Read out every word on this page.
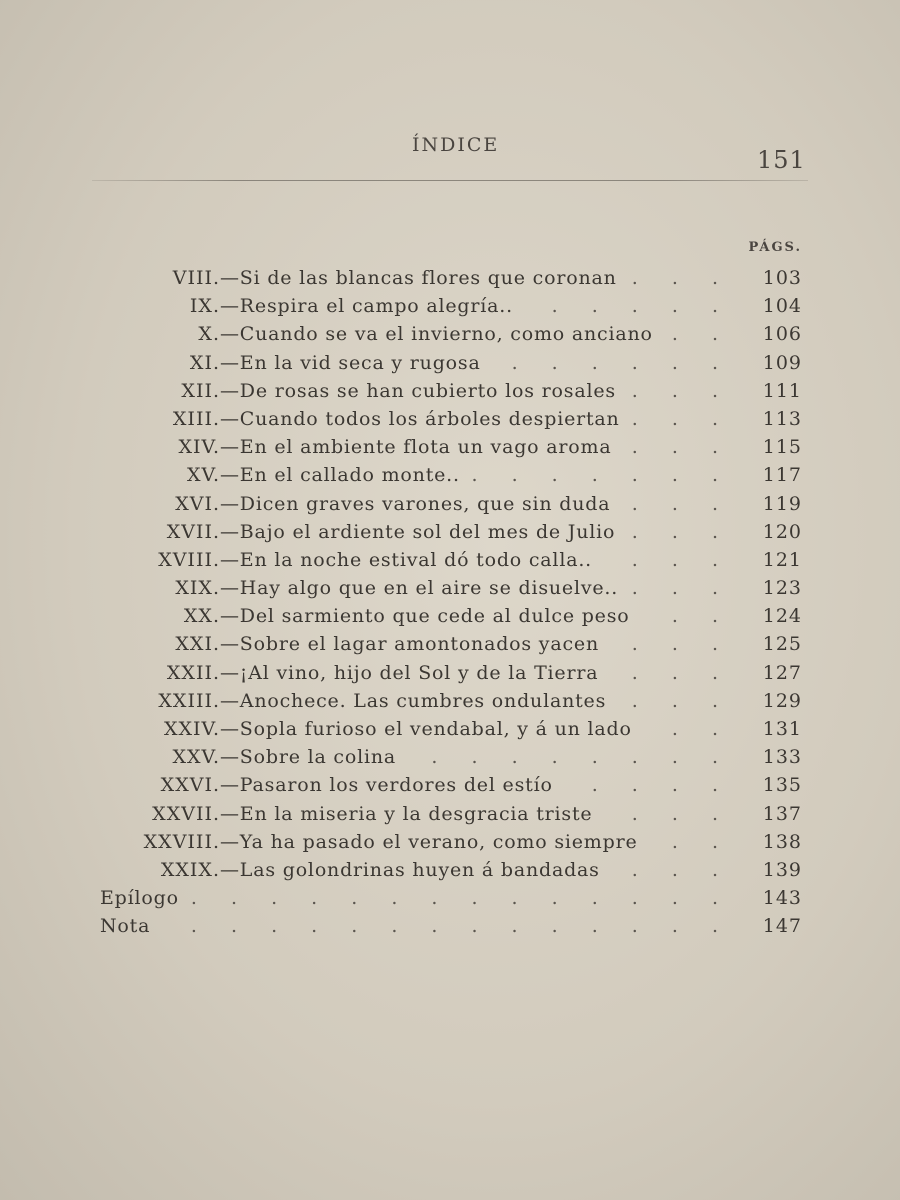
ÍNDICE
151
PÁGS.
VIII. —Si de las blancas flores que coronan . . .	103
IX. —Respira el campo alegría.. . . . . .	104
X. —Cuando se va el invierno, como anciano . .	106
XI. —En la vid seca y rugosa . . . . . .	109
XII. —De rosas se han cubierto los rosales . . .	111
XIII. —Cuando todos los árboles despiertan . . .	113
XIV. —En el ambiente flota un vago aroma . . .	115
XV. —En el callado monte.. . . . . . . .	117
XVI. —Dicen graves varones, que sin duda . . .	119
XVII. —Bajo el ardiente sol del mes de Julio . . .	120
XVIII. —En la noche estival dó todo calla.. . . .	121
XIX. —Hay algo que en el aire se disuelve.. . . .	123
XX. —Del sarmiento que cede al dulce peso . .	124
XXI. —Sobre el lagar amontonados yacen . . .	125
XXII. —¡Al vino, hijo del Sol y de la Tierra . . .	127
XXIII. —Anochece. Las cumbres ondulantes . . .	129
XXIV. —Sopla furioso el vendabal, y á un lado . .	131
XXV. —Sobre la colina . . . . . . . .	133
XXVI. —Pasaron los verdores del estío . . . .	135
XXVII. —En la miseria y la desgracia triste . . .	137
XXVIII. —Ya ha pasado el verano, como siempre . .	138
XXIX. —Las golondrinas huyen á bandadas . . .	139
Epílogo . . . . . . . . . . . . . .	143
Nota . . . . . . . . . . . . . .	147
